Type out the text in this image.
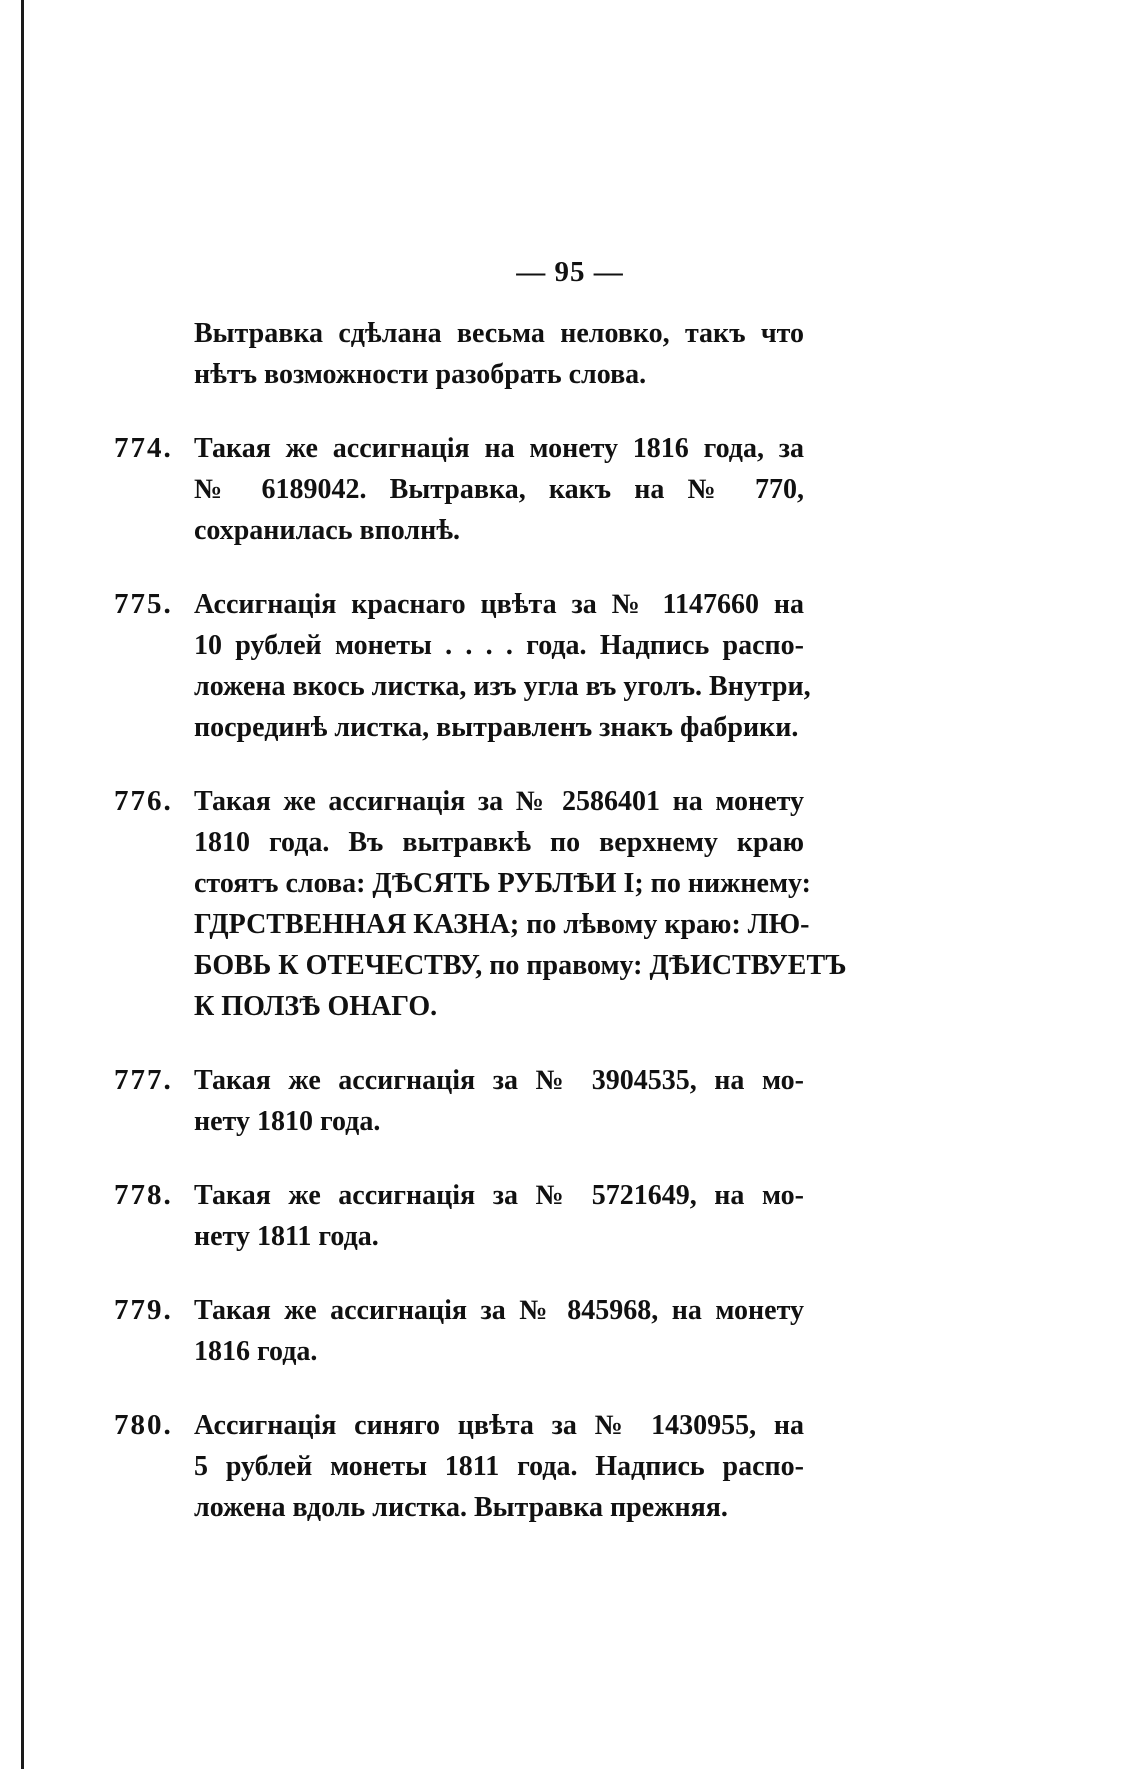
— 95 —
Вытравка сдѣлана весьма неловко, такъ что
нѣтъ возможности разобрать слова.
774. Такая же ассигнація на монету 1816 года, за
№ 6189042. Вытравка, какъ на № 770,
сохранилась вполнѣ.
775. Ассигнація краснаго цвѣта за № 1147660 на
10 рублей монеты . . . . года. Надпись распо-
ложена вкось листка, изъ угла въ уголъ. Внутри,
посрединѣ листка, вытравленъ знакъ фабрики.
776. Такая же ассигнація за № 2586401 на монету
1810 года. Въ вытравкѣ по верхнему краю
стоятъ слова: ДѢСЯТЬ РУБЛѢИ I; по нижнему:
ГДРСТВЕННАЯ КАЗНА; по лѣвому краю: ЛЮ-
БОВЬ К ОТЕЧЕСТВУ, по правому: ДѢИСТВУЕТЪ
К ПОЛЗѢ ОНАГО.
777. Такая же ассигнація за № 3904535, на мо-
нету 1810 года.
778. Такая же ассигнація за № 5721649, на мо-
нету 1811 года.
779. Такая же ассигнація за № 845968, на монету
1816 года.
780. Ассигнація синяго цвѣта за № 1430955, на
5 рублей монеты 1811 года. Надпись распо-
ложена вдоль листка. Вытравка прежняя.
